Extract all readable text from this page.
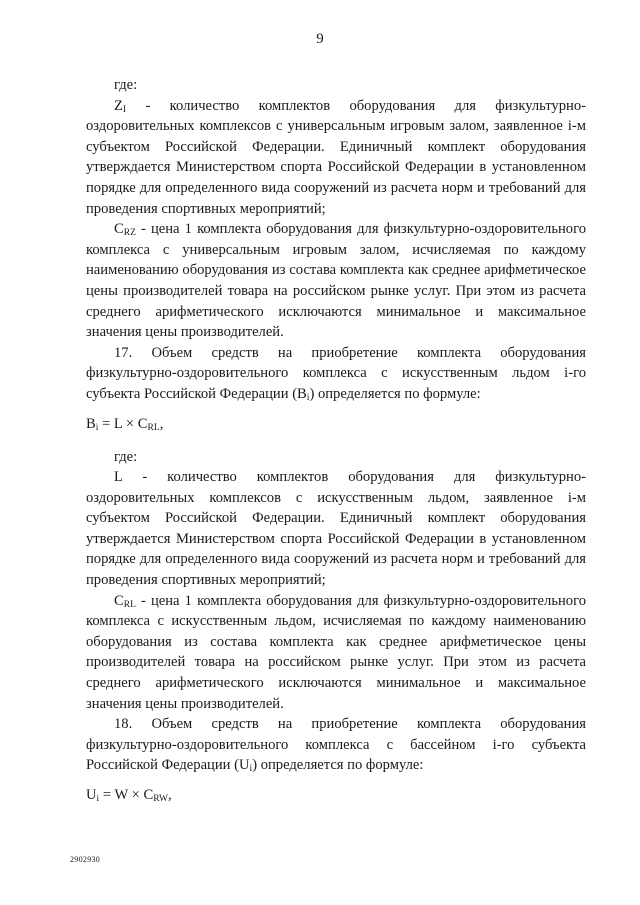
9

где:

$Z_I$ - количество комплектов оборудования для физкультурно-оздоровительных комплексов с универсальным игровым залом, заявленное i-м субъектом Российской Федерации. Единичный комплект оборудования утверждается Министерством спорта Российской Федерации в установленном порядке для определенного вида сооружений из расчета норм и требований для проведения спортивных мероприятий;

$C_{RZ}$ - цена 1 комплекта оборудования для физкультурно-оздоровительного комплекса с универсальным игровым залом, исчисляемая по каждому наименованию оборудования из состава комплекта как среднее арифметическое цены производителей товара на российском рынке услуг. При этом из расчета среднего арифметического исключаются минимальное и максимальное значения цены производителей.

17. Объем средств на приобретение комплекта оборудования физкультурно-оздоровительного комплекса с искусственным льдом i-го субъекта Российской Федерации $(B_i)$ определяется по формуле:

$B_i = L \times C_{RL}$,

где:

L - количество комплектов оборудования для физкультурно-оздоровительных комплексов с искусственным льдом, заявленное i-м субъектом Российской Федерации. Единичный комплект оборудования утверждается Министерством спорта Российской Федерации в установленном порядке для определенного вида сооружений из расчета норм и требований для проведения спортивных мероприятий;

$C_{RL}$ - цена 1 комплекта оборудования для физкультурно-оздоровительного комплекса с искусственным льдом, исчисляемая по каждому наименованию оборудования из состава комплекта как среднее арифметическое цены производителей товара на российском рынке услуг. При этом из расчета среднего арифметического исключаются минимальное и максимальное значения цены производителей.

18. Объем средств на приобретение комплекта оборудования физкультурно-оздоровительного комплекса с бассейном i-го субъекта Российской Федерации $(U_i)$ определяется по формуле:

$U_i = W \times C_{RW}$,

2902930
